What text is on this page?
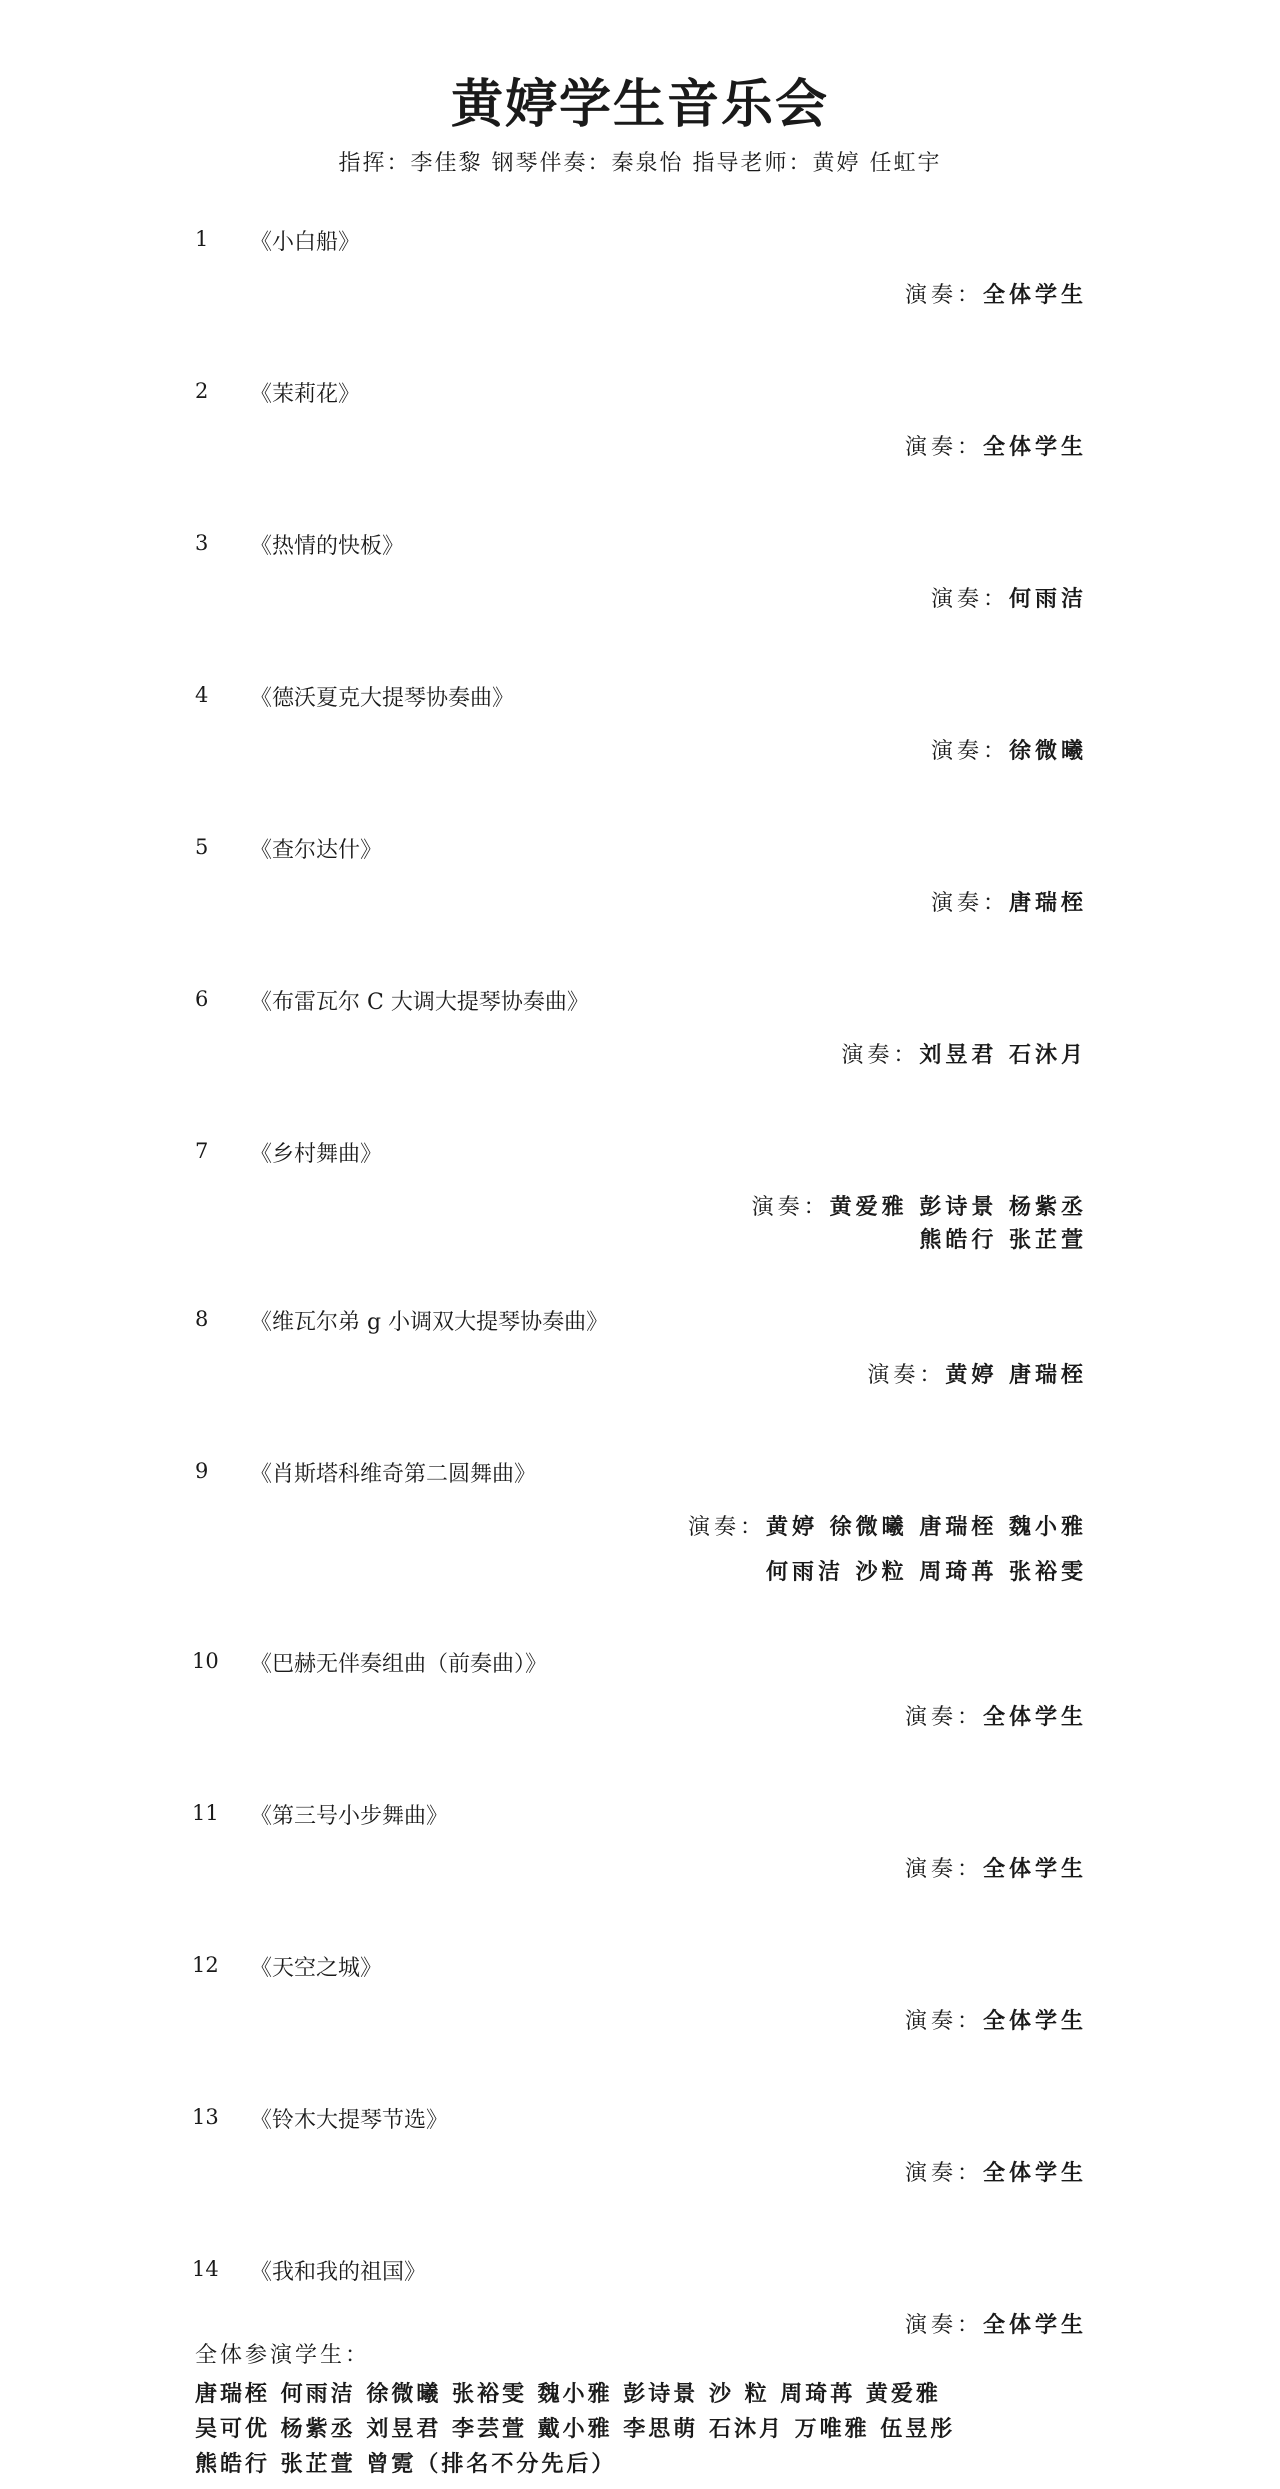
黄婷学生音乐会
指挥：李佳黎 钢琴伴奏：秦泉怡 指导老师：黄婷 任虹宇
1	《小白船》
演奏：全体学生
2	《茉莉花》
演奏：全体学生
3	《热情的快板》
演奏：何雨洁
4	《德沃夏克大提琴协奏曲》
演奏：徐微曦
5	《查尔达什》
演奏：唐瑞桎
6	《布雷瓦尔 C 大调大提琴协奏曲》
演奏：刘昱君 石沐月
7	《乡村舞曲》
演奏：黄爱雅 彭诗景 杨紫丞
熊皓行 张芷萱
8	《维瓦尔弟 g 小调双大提琴协奏曲》
演奏：黄婷 唐瑞桎
9	《肖斯塔科维奇第二圆舞曲》
演奏：黄婷 徐微曦 唐瑞桎 魏小雅
何雨洁 沙粒 周琦苒 张裕雯
10	《巴赫无伴奏组曲（前奏曲）》
演奏：全体学生
11	《第三号小步舞曲》
演奏：全体学生
12	《天空之城》
演奏：全体学生
13	《铃木大提琴节选》
演奏：全体学生
14	《我和我的祖国》
演奏：全体学生
全体参演学生：
唐瑞桎 何雨洁 徐微曦 张裕雯 魏小雅 彭诗景 沙 粒 周琦苒 黄爱雅
吴可优 杨紫丞 刘昱君 李芸萱 戴小雅 李思萌 石沐月 万唯雅 伍昱彤
熊皓行 张芷萱 曾霓（排名不分先后）
